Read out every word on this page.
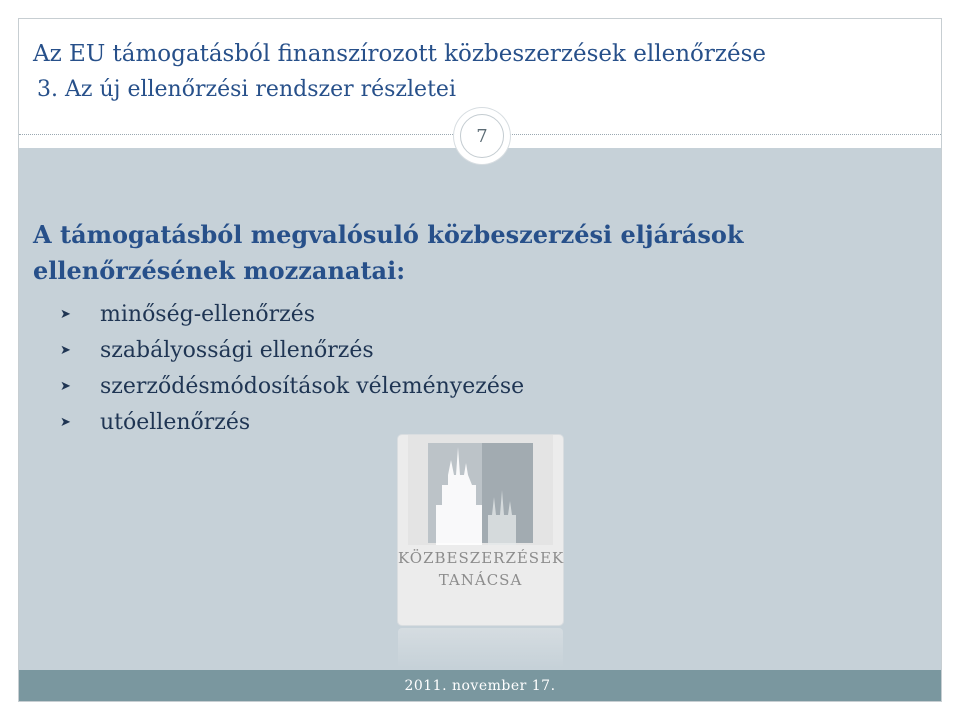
Az EU támogatásból finanszírozott közbeszerzések ellenőrzése
3. Az új ellenőrzési rendszer részletei
7
A támogatásból megvalósuló közbeszerzési eljárások ellenőrzésének mozzanatai:
➤	minőség-ellenőrzés
➤	szabályossági ellenőrzés
➤	szerződésmódosítások véleményezése
➤	utóellenőrzés
KÖZBESZERZÉSEK
TANÁCSA
2011. november 17.
